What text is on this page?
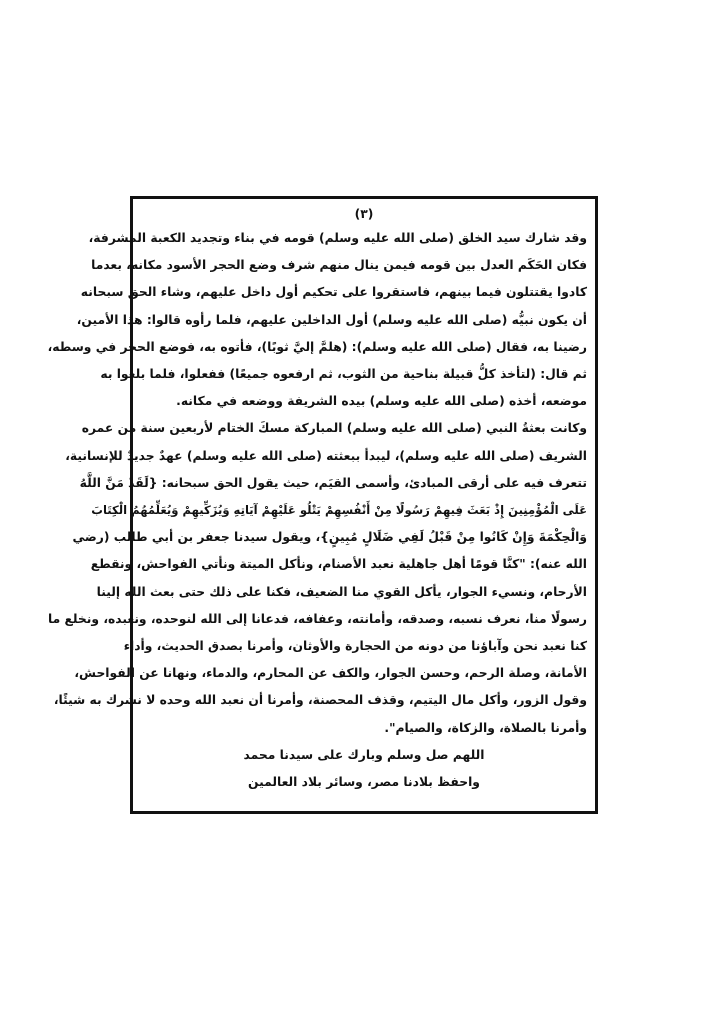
(٣)
وقد شارك سيد الخلق (صلى الله عليه وسلم) قومه في بناء وتجديد الكعبة المشرفة،
فكان الحَكَم العدل بين قومه فيمن ينال منهم شرف وضع الحجر الأسود مكانه، بعدما
كادوا يقتتلون فيما بينهم، فاستقروا على تحكيم أول داخل عليهم، وشاء الحق سبحانه
أن يكون نبيُّه (صلى الله عليه وسلم) أول الداخلين عليهم، فلما رأوه قالوا: هذا الأمين،
رضينا به، فقال (صلى الله عليه وسلم): (هلمَّ إليَّ ثوبًا)، فأتوه به، فوضع الحجر في وسطه،
ثم قال: (لتأخذ كلُّ قبيلة بناحية من الثوب، ثم ارفعوه جميعًا) ففعلوا، فلما بلغوا به
موضعه، أخذه (صلى الله عليه وسلم) بيده الشريفة ووضعه في مكانه.
وكانت بعثةُ النبي (صلى الله عليه وسلم) المباركة مسكَ الختام لأربعين سنة من عمره
الشريف (صلى الله عليه وسلم)، ليبدأ ببعثته (صلى الله عليه وسلم) عهدٌ جديدٌ للإنسانية،
تتعرف فيه على أرقى المبادئ، وأسمى القيَم، حيث يقول الحق سبحانه: {لَقَدْ مَنَّ اللَّهُ
عَلَى الْمُؤْمِنِينَ إِذْ بَعَثَ فِيهِمْ رَسُولًا مِنْ أَنْفُسِهِمْ يَتْلُو عَلَيْهِمْ آيَاتِهِ وَيُزَكِّيهِمْ وَيُعَلِّمُهُمُ الْكِتَابَ
وَالْحِكْمَةَ وَإِنْ كَانُوا مِنْ قَبْلُ لَفِي ضَلَالٍ مُبِينٍ}، ويقول سيدنا جعفر بن أبي طالب (رضي
الله عنه): "كنَّا قومًا أهل جاهلية نعبد الأصنام، ونأكل الميتة ونأتي الفواحش، ونقطع
الأرحام، ونسيء الجوار، يأكل القوي منا الضعيف، فكنا على ذلك حتى بعث الله إلينا
رسولًا منا، نعرف نسبه، وصدقه، وأمانته، وعفافه، فدعانا إلى الله لنوحده، ونعبده، ونخلع ما
كنا نعبد نحن وآباؤنا من دونه من الحجارة والأوثان، وأمرنا بصدق الحديث، وأداء
الأمانة، وصلة الرحم، وحسن الجوار، والكف عن المحارم، والدماء، ونهانا عن الفواحش،
وقول الزور، وأكل مال اليتيم، وقذف المحصنة، وأمرنا أن نعبد الله وحده لا نشرك به شيئًا،
وأمرنا بالصلاة، والزكاة، والصيام".
اللهم صل وسلم وبارك على سيدنا محمد
واحفظ بلادنا مصر، وسائر بلاد العالمين
